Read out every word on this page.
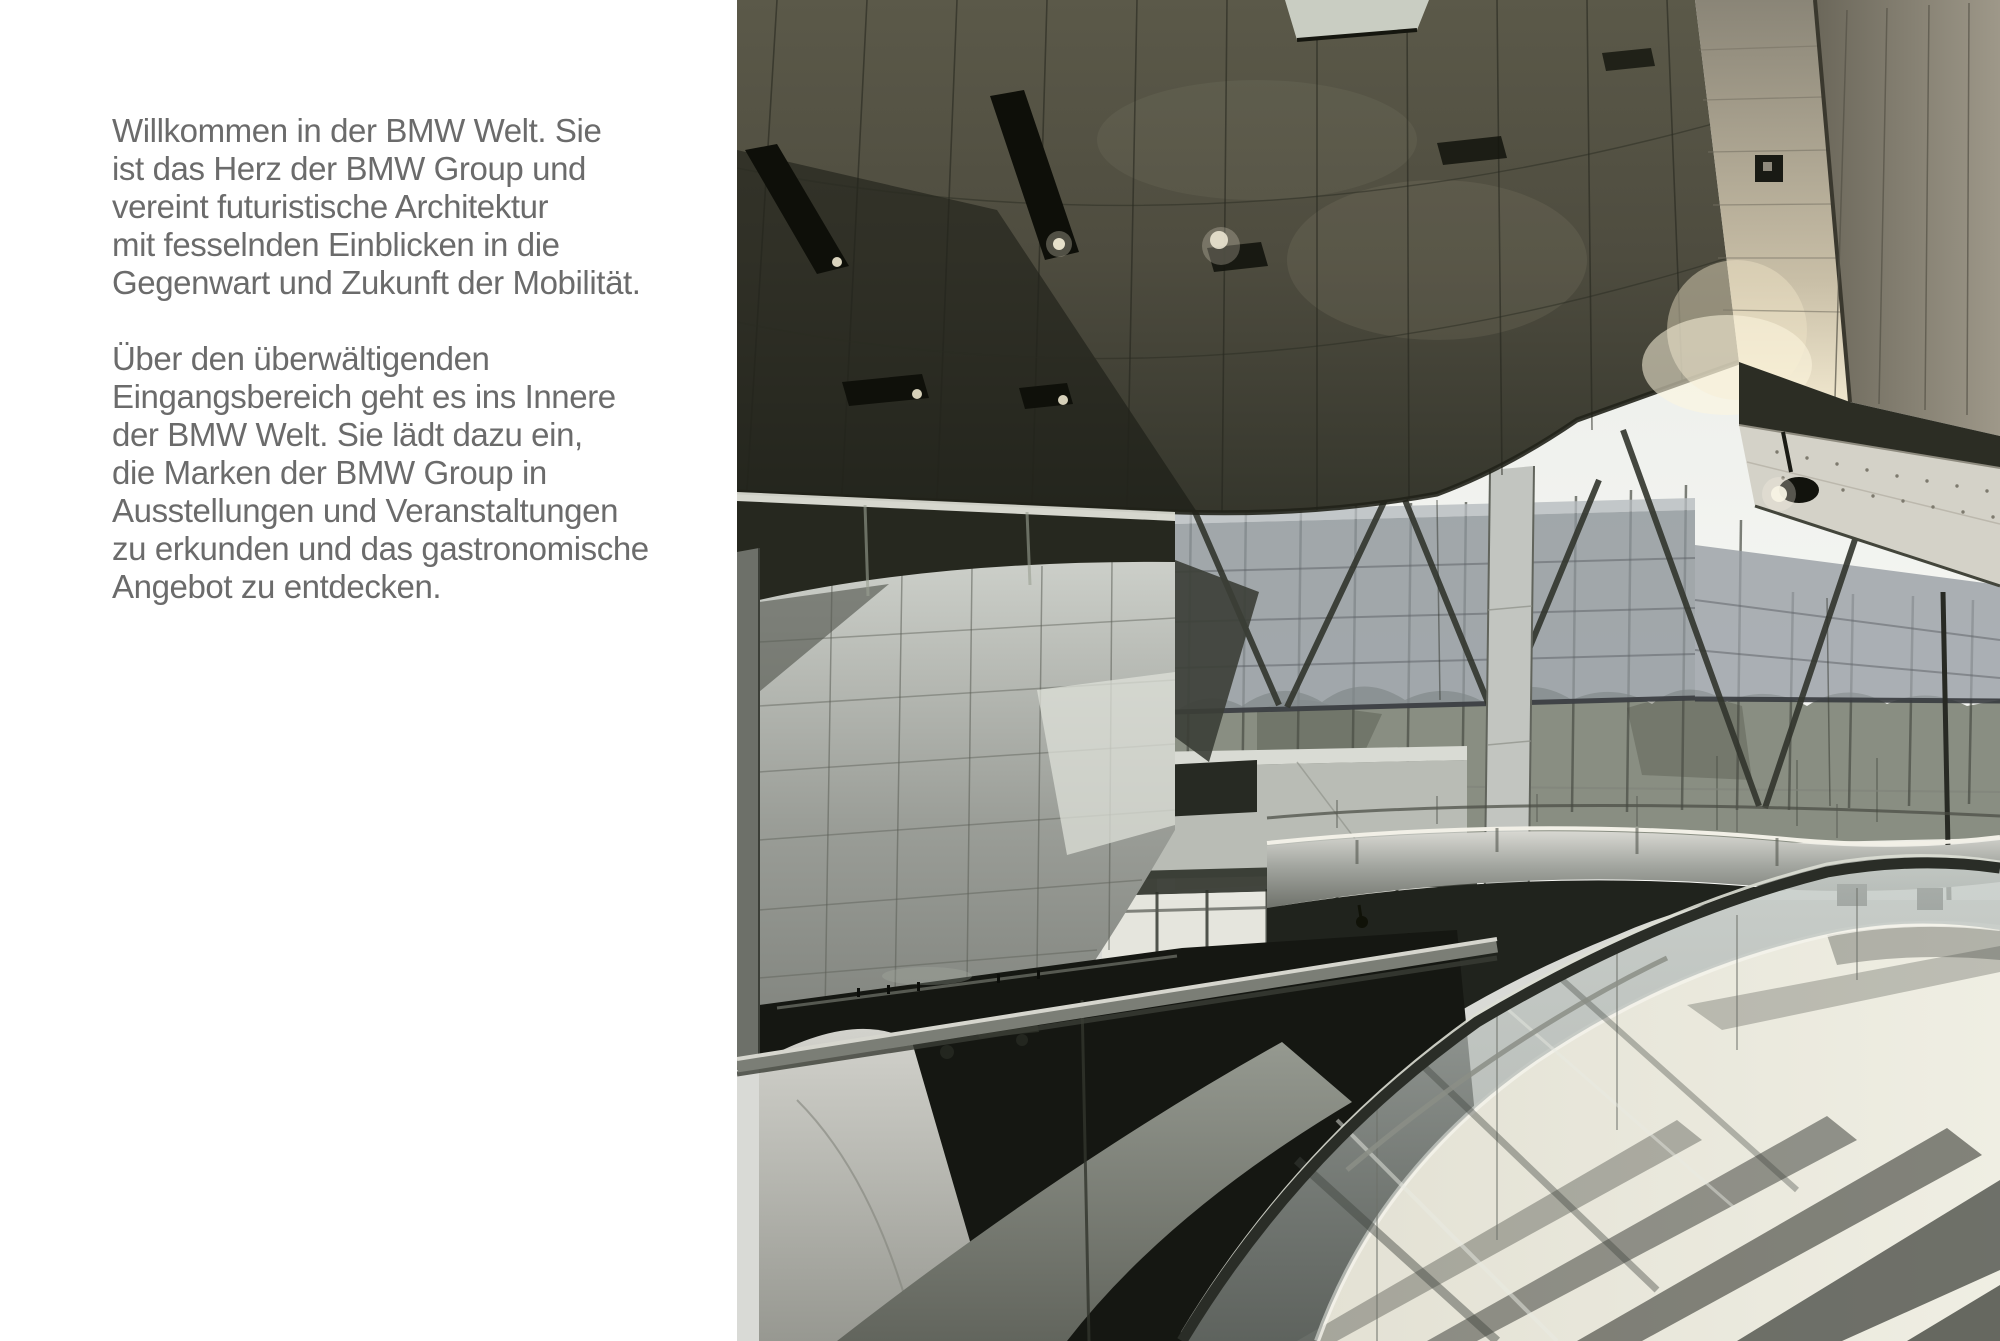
Willkommen in der BMW Welt. Sie
ist das Herz der BMW Group und
vereint futuristische Architektur
mit fesselnden Einblicken in die
Gegenwart und Zukunft der Mobilität.

Über den überwältigenden
Eingangsbereich geht es ins Innere
der BMW Welt. Sie lädt dazu ein,
die Marken der BMW Group in
Ausstellungen und Veranstaltungen
zu erkunden und das gastronomische
Angebot zu entdecken.
